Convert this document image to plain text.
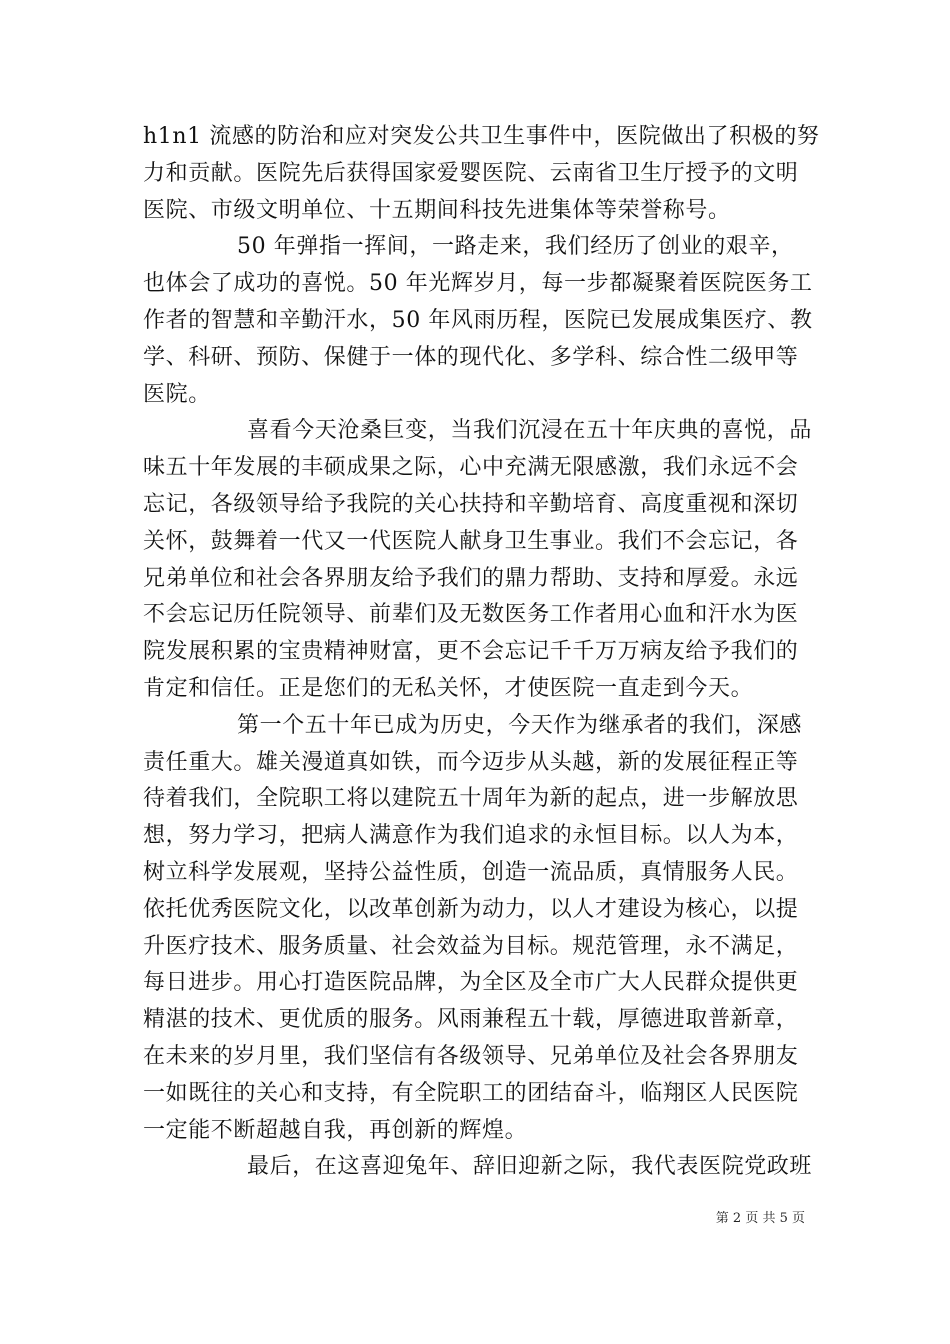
h1n1 流感的防治和应对突发公共卫生事件中，医院做出了积极的努
力和贡献。医院先后获得国家爱婴医院、云南省卫生厅授予的文明
医院、市级文明单位、十五期间科技先进集体等荣誉称号。
50 年弹指一挥间，一路走来，我们经历了创业的艰辛，
也体会了成功的喜悦。50 年光辉岁月，每一步都凝聚着医院医务工
作者的智慧和辛勤汗水，50 年风雨历程，医院已发展成集医疗、教
学、科研、预防、保健于一体的现代化、多学科、综合性二级甲等
医院。
喜看今天沧桑巨变，当我们沉浸在五十年庆典的喜悦，品
味五十年发展的丰硕成果之际，心中充满无限感激，我们永远不会
忘记，各级领导给予我院的关心扶持和辛勤培育、高度重视和深切
关怀，鼓舞着一代又一代医院人献身卫生事业。我们不会忘记，各
兄弟单位和社会各界朋友给予我们的鼎力帮助、支持和厚爱。永远
不会忘记历任院领导、前辈们及无数医务工作者用心血和汗水为医
院发展积累的宝贵精神财富，更不会忘记千千万万病友给予我们的
肯定和信任。正是您们的无私关怀，才使医院一直走到今天。
第一个五十年已成为历史，今天作为继承者的我们，深感
责任重大。雄关漫道真如铁，而今迈步从头越，新的发展征程正等
待着我们，全院职工将以建院五十周年为新的起点，进一步解放思
想，努力学习，把病人满意作为我们追求的永恒目标。以人为本，
树立科学发展观，坚持公益性质，创造一流品质，真情服务人民。
依托优秀医院文化，以改革创新为动力，以人才建设为核心，以提
升医疗技术、服务质量、社会效益为目标。规范管理，永不满足，
每日进步。用心打造医院品牌，为全区及全市广大人民群众提供更
精湛的技术、更优质的服务。风雨兼程五十载，厚德进取普新章，
在未来的岁月里，我们坚信有各级领导、兄弟单位及社会各界朋友
一如既往的关心和支持，有全院职工的团结奋斗，临翔区人民医院
一定能不断超越自我，再创新的辉煌。
最后，在这喜迎兔年、辞旧迎新之际，我代表医院党政班
第 2 页 共 5 页
